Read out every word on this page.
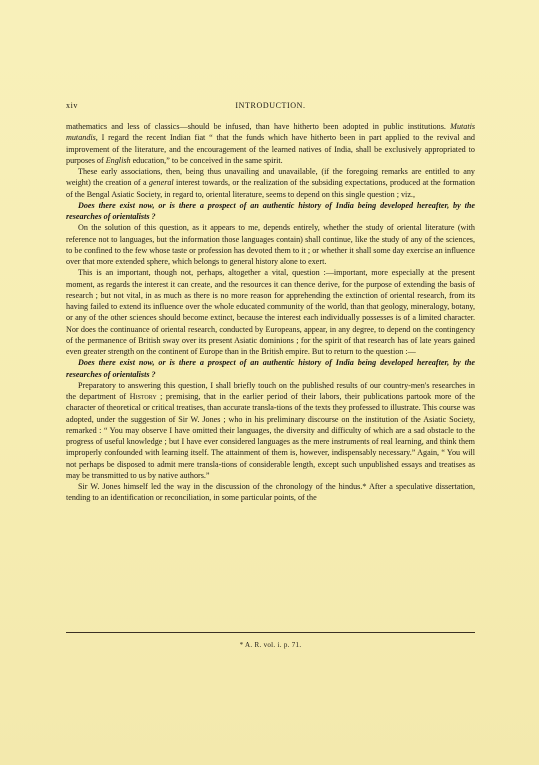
xiv	INTRODUCTION.

mathematics and less of classics—should be infused, than have hitherto been adopted in public institutions. Mutatis mutandis, I regard the recent Indian fiat “ that the funds which have hitherto been in part applied to the revival and improvement of the literature, and the encouragement of the learned natives of India, shall be exclusively appropriated to purposes of English education,” to be conceived in the same spirit.

These early associations, then, being thus unavailing and unavailable, (if the foregoing remarks are entitled to any weight) the creation of a general interest towards, or the realization of the subsiding expectations, produced at the formation of the Bengal Asiatic Society, in regard to, oriental literature, seems to depend on this single question ; viz.,

Does there exist now, or is there a prospect of an authentic history of India being developed hereafter, by the researches of orientalists ?

On the solution of this question, as it appears to me, depends entirely, whether the study of oriental literature (with reference not to languages, but the information those languages contain) shall continue, like the study of any of the sciences, to be confined to the few whose taste or profession has devoted them to it ; or whether it shall some day exercise an influence over that more extended sphere, which belongs to general history alone to exert.

This is an important, though not, perhaps, altogether a vital, question :—important, more especially at the present moment, as regards the interest it can create, and the resources it can thence derive, for the purpose of extending the basis of research ; but not vital, in as much as there is no more reason for apprehending the extinction of oriental research, from its having failed to extend its influence over the whole educated community of the world, than that geology, mineralogy, botany, or any of the other sciences should become extinct, because the interest each individually possesses is of a limited character. Nor does the continuance of oriental research, conducted by Europeans, appear, in any degree, to depend on the contingency of the permanence of British sway over its present Asiatic dominions ; for the spirit of that research has of late years gained even greater strength on the continent of Europe than in the British empire. But to return to the question :—

Does there exist now, or is there a prospect of an authentic history of India being developed hereafter, by the researches of orientalists ?

Preparatory to answering this question, I shall briefly touch on the published results of our country-men's researches in the department of History ; premising, that in the earlier period of their labors, their publications partook more of the character of theoretical or critical treatises, than accurate transla-tions of the texts they professed to illustrate. This course was adopted, under the suggestion of Sir W. Jones ; who in his preliminary discourse on the institution of the Asiatic Society, remarked : “ You may observe I have omitted their languages, the diversity and difficulty of which are a sad obstacle to the progress of useful knowledge ; but I have ever considered languages as the mere instruments of real learning, and think them improperly confounded with learning itself. The attainment of them is, however, indispensably necessary.” Again, “ You will not perhaps be disposed to admit mere transla-tions of considerable length, except such unpublished essays and treatises as may be transmitted to us by native authors.”

Sir W. Jones himself led the way in the discussion of the chronology of the hindus.* After a speculative dissertation, tending to an identification or reconciliation, in some particular points, of the

* A. R. vol. i. p. 71.
